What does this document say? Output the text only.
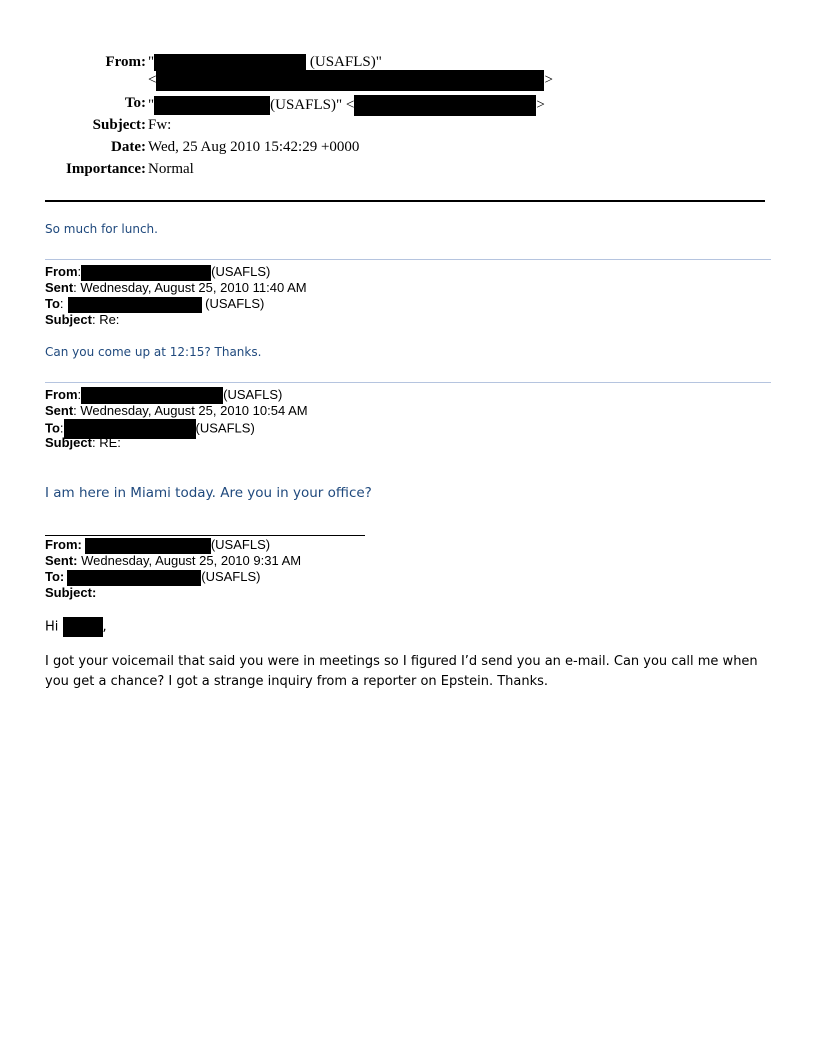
From: "	(USAFLS)"
<	>
To: "	(USAFLS)" <	>
Subject: Fw:
Date: Wed, 25 Aug 2010 15:42:29 +0000
Importance: Normal
So much for lunch.
From:	(USAFLS)
Sent: Wednesday, August 25, 2010 11:40 AM
To:	(USAFLS)
Subject: Re:
Can you come up at 12:15? Thanks.
From:	(USAFLS)
Sent: Wednesday, August 25, 2010 10:54 AM
To:	(USAFLS)
Subject: RE:
I am here in Miami today. Are you in your office?
From:	(USAFLS)
Sent: Wednesday, August 25, 2010 9:31 AM
To:	(USAFLS)
Subject:
Hi	,
I got your voicemail that said you were in meetings so I figured I’d send you an e-mail. Can you call me when you get a chance? I got a strange inquiry from a reporter on Epstein. Thanks.
